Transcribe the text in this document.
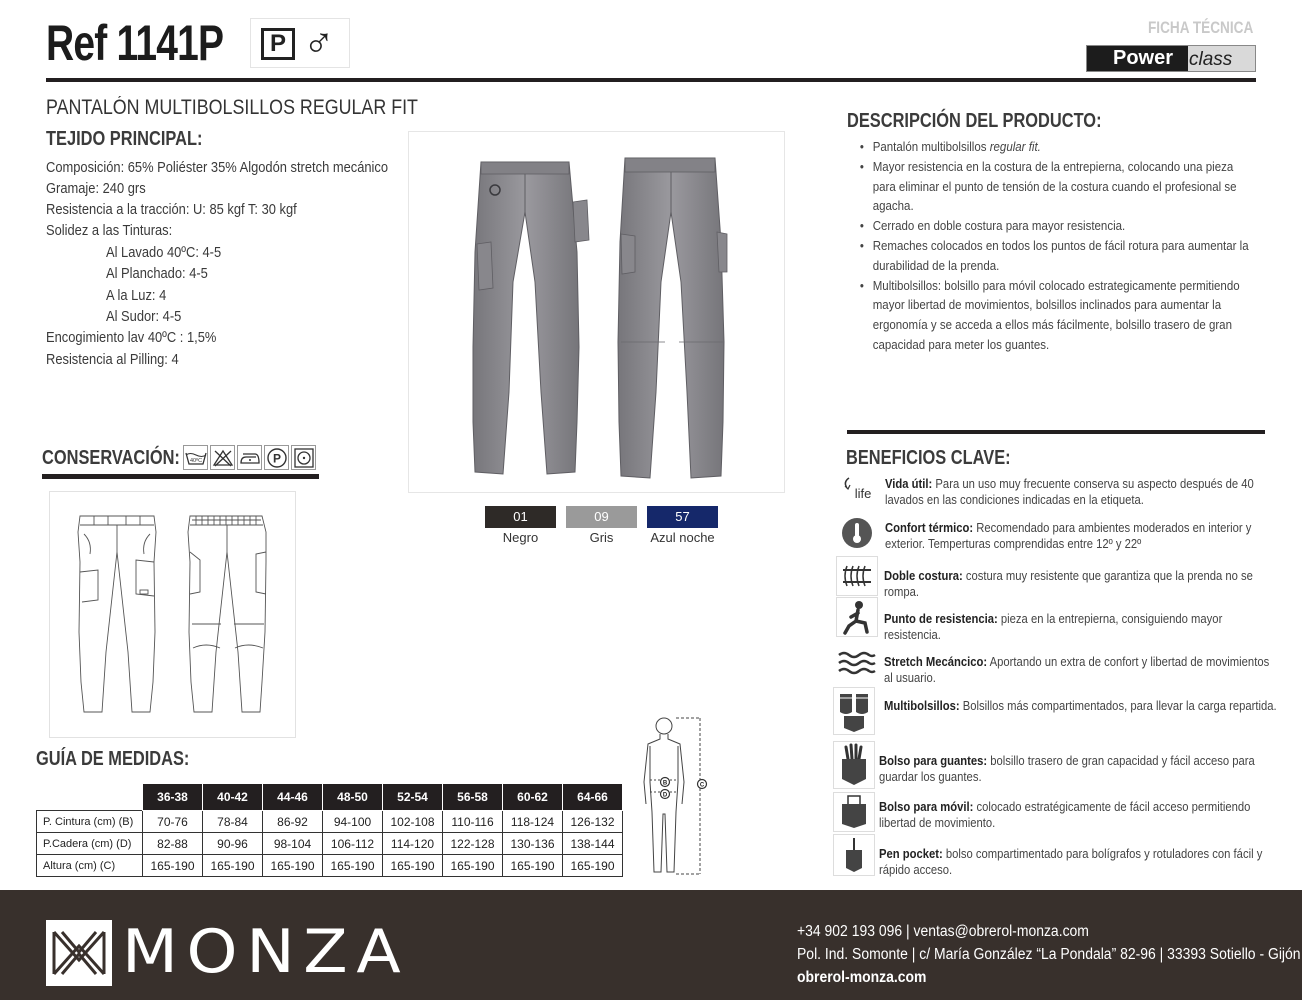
Ref 1141P	P ♂	FICHA TÉCNICA
Power class
PANTALÓN MULTIBOLSILLOS REGULAR FIT
TEJIDO PRINCIPAL:
Composición: 65% Poliéster 35% Algodón stretch mecánico
Gramaje: 240 grs
Resistencia a la tracción: U: 85 kgf T: 30 kgf
Solidez a las Tinturas:
Al Lavado 40ºC: 4-5
Al Planchado: 4-5
A la Luz: 4
Al Sudor: 4-5
Encogimiento lav 40ºC : 1,5%
Resistencia al Pilling: 4
CONSERVACIÓN: 40ºC	P
01
Negro
09
Gris
57
Azul noche
GUÍA DE MEDIDAS:
	36-38	40-42	44-46	48-50	52-54	56-58	60-62	64-66
P. Cintura (cm) (B)	70-76	78-84	86-92	94-100	102-108	110-116	118-124	126-132
P.Cadera (cm) (D)	82-88	90-96	98-104	106-112	114-120	122-128	130-136	138-144
Altura (cm) (C)	165-190	165-190	165-190	165-190	165-190	165-190	165-190	165-190
B
D
C
DESCRIPCIÓN DEL PRODUCTO:
• Pantalón multibolsillos regular fit.
• Mayor resistencia en la costura de la entrepierna, colocando una pieza para eliminar el punto de tensión de la costura cuando el profesional se agacha.
• Cerrado en doble costura para mayor resistencia.
• Remaches colocados en todos los puntos de fácil rotura para aumentar la durabilidad de la prenda.
• Multibolsillos: bolsillo para móvil colocado estrategicamente permitiendo mayor libertad de movimientos, bolsillos inclinados para aumentar la ergonomía y se acceda a ellos más fácilmente, bolsillo trasero de gran capacidad para meter los guantes.
BENEFICIOS CLAVE:
life
Vida útil: Para un uso muy frecuente conserva su aspecto después de 40 lavados en las condiciones indicadas en la etiqueta.
Confort térmico: Recomendado para ambientes moderados en interior y exterior. Temperturas comprendidas entre 12º y 22º
Doble costura: costura muy resistente que garantiza que la prenda no se rompa.
Punto de resistencia: pieza en la entrepierna, consiguiendo mayor resistencia.
Stretch Mecáncico: Aportando un extra de confort y libertad de movimientos al usuario.
Multibolsillos: Bolsillos más compartimentados, para llevar la carga repartida.
Bolso para guantes: bolsillo trasero de gran capacidad y fácil acceso para guardar los guantes.
Bolso para móvil: colocado estratégicamente de fácil acceso permitiendo libertad de movimiento.
Pen pocket: bolso compartimentado para bolígrafos y rotuladores con fácil y rápido acceso.
MONZA	+34 902 193 096 | ventas@obrerol-monza.com
Pol. Ind. Somonte | c/ María González “La Pondala” 82-96 | 33393 Sotiello - Gijón
obrerol-monza.com
